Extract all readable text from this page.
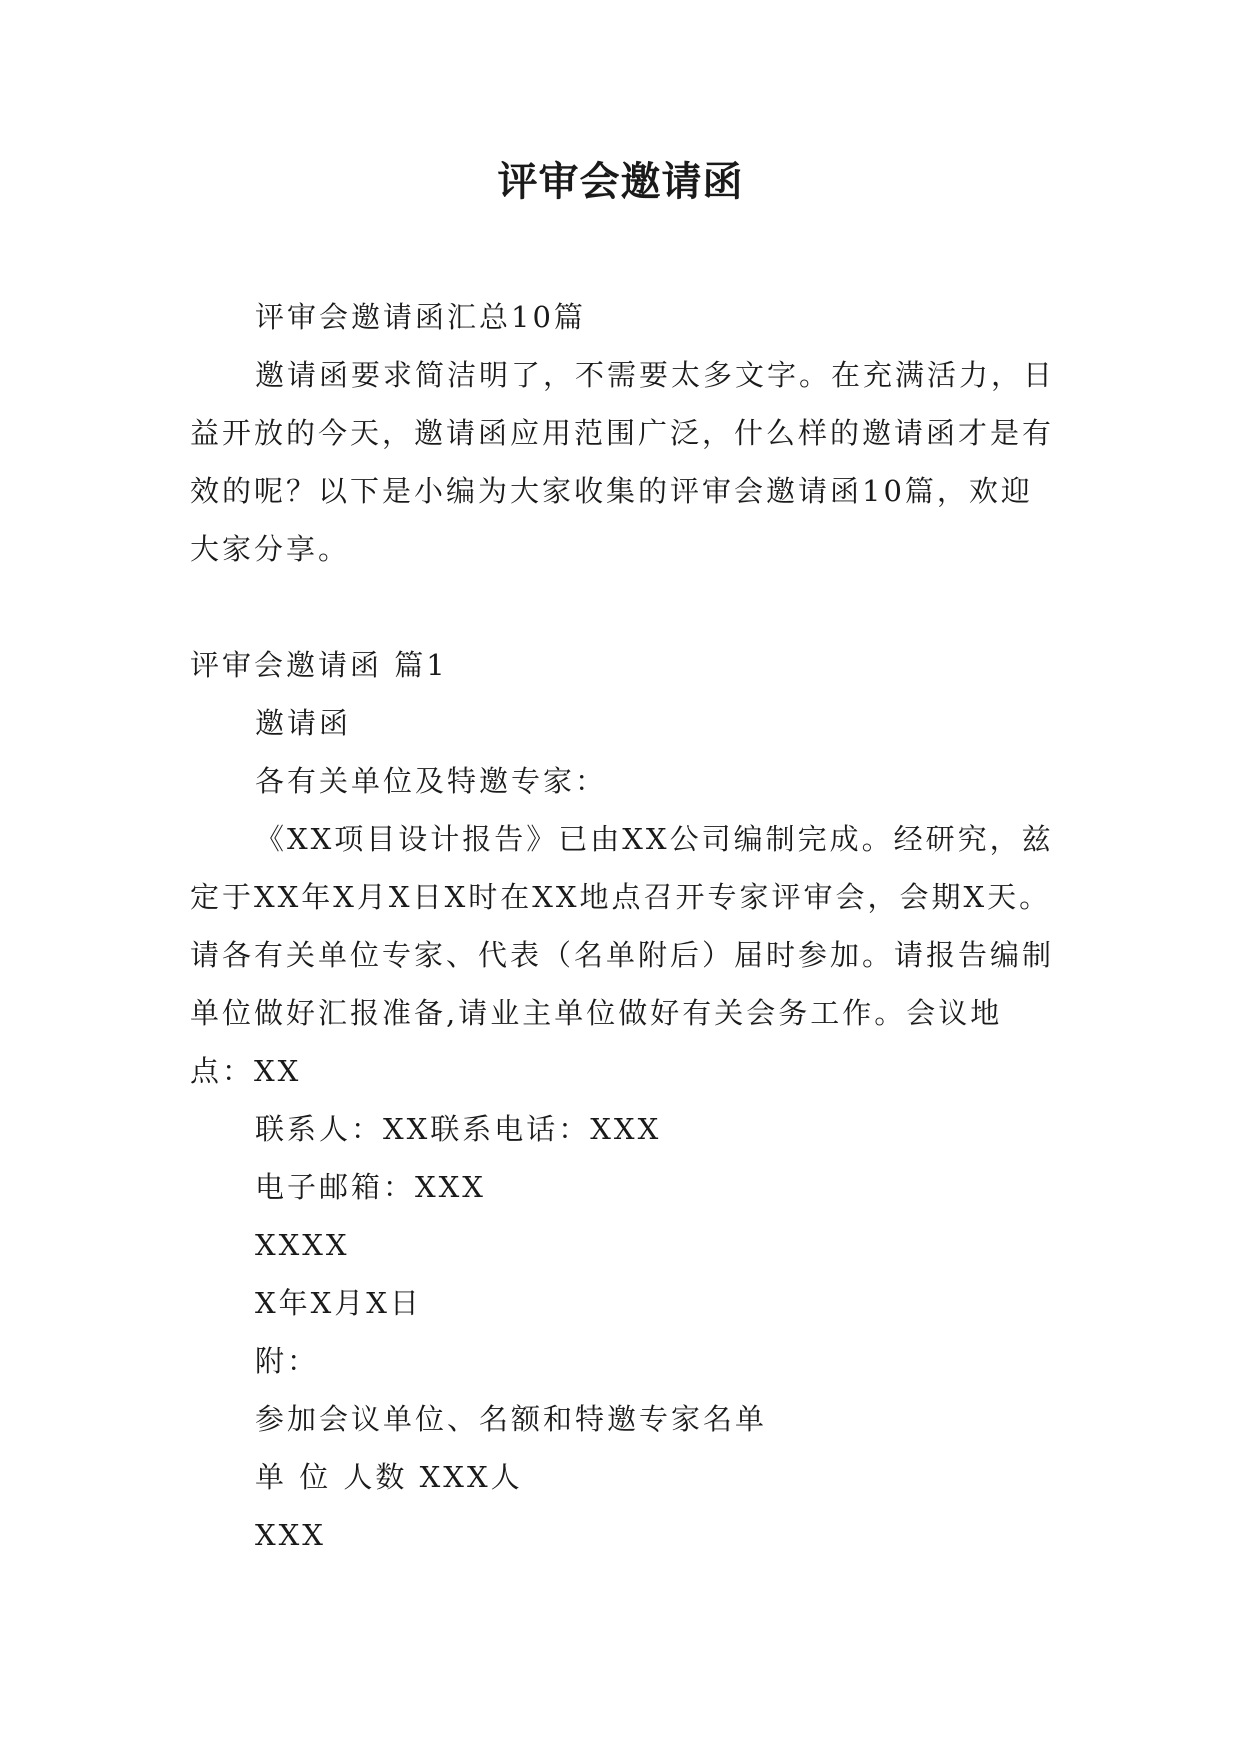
评审会邀请函

评审会邀请函汇总10篇

邀请函要求简洁明了，不需要太多文字。在充满活力，日益开放的今天，邀请函应用范围广泛，什么样的邀请函才是有效的呢？以下是小编为大家收集的评审会邀请函10篇，欢迎大家分享。

评审会邀请函 篇1

邀请函

各有关单位及特邀专家：

《XX项目设计报告》已由XX公司编制完成。经研究，兹定于XX年X月X日X时在XX地点召开专家评审会，会期X天。请各有关单位专家、代表（名单附后）届时参加。请报告编制单位做好汇报准备,请业主单位做好有关会务工作。会议地点：XX

联系人：XX联系电话：XXX

电子邮箱：XXX

XXXX

X年X月X日

附：

参加会议单位、名额和特邀专家名单

单 位 人数 XXX人

XXX
